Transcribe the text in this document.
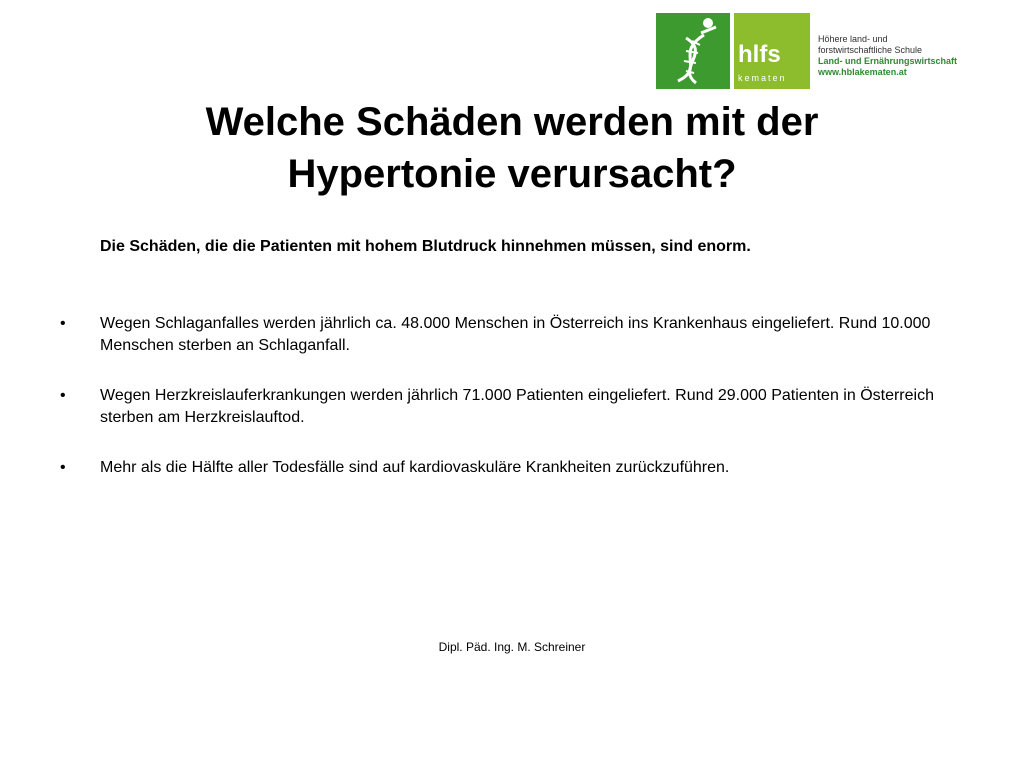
hlfs
kematen
Höhere land- und
forstwirtschaftliche Schule
Land- und Ernährungswirtschaft
www.hblakematen.at
Welche Schäden werden mit der
Hypertonie verursacht?
Die Schäden, die die Patienten mit hohem Blutdruck hinnehmen müssen, sind enorm.
• Wegen Schlaganfalles werden jährlich ca. 48.000 Menschen in Österreich ins Krankenhaus eingeliefert. Rund 10.000 Menschen sterben an Schlaganfall.
• Wegen Herzkreislauferkrankungen werden jährlich 71.000 Patienten eingeliefert. Rund 29.000 Patienten in Österreich sterben am Herzkreislauftod.
• Mehr als die Hälfte aller Todesfälle sind auf kardiovaskuläre Krankheiten zurückzuführen.
Dipl. Päd. Ing. M. Schreiner
